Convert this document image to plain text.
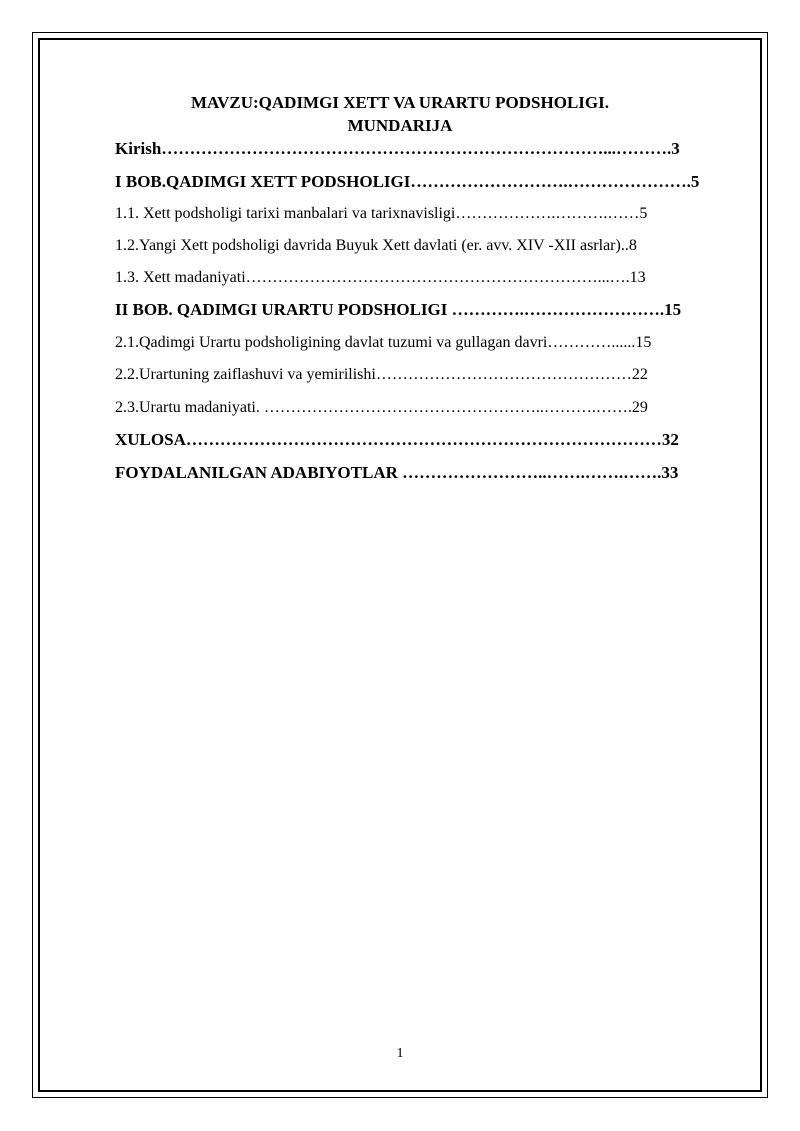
MAVZU:QADIMGI XETT VA URARTU PODSHOLIGI.
MUNDARIJA
Kirish……………………………………………………………………...……….3
I BOB.QADIMGI XETT PODSHOLIGI……………………….………………….5
1.1. Xett podsholigi tarixi manbalari va tarixnavisligi……………….……….……5
1.2.Yangi Xett podsholigi davrida Buyuk Xett davlati (er. avv. XIV -XII asrlar)..8
1.3. Xett madaniyati…………………………………………………………...….13
II BOB. QADIMGI URARTU PODSHOLIGI ………….…………………….15
2.1.Qadimgi Urartu podsholigining davlat tuzumi va gullagan davri…………......15
2.2.Urartuning zaiflashuvi va yemirilishi…………………………………………22
2.3.Urartu madaniyati. ……………………………………………..……….…….29
XULOSA…………………………………………………………………………32
FOYDALANILGAN ADABIYOTLAR ……………………..…….…….…….33
1
